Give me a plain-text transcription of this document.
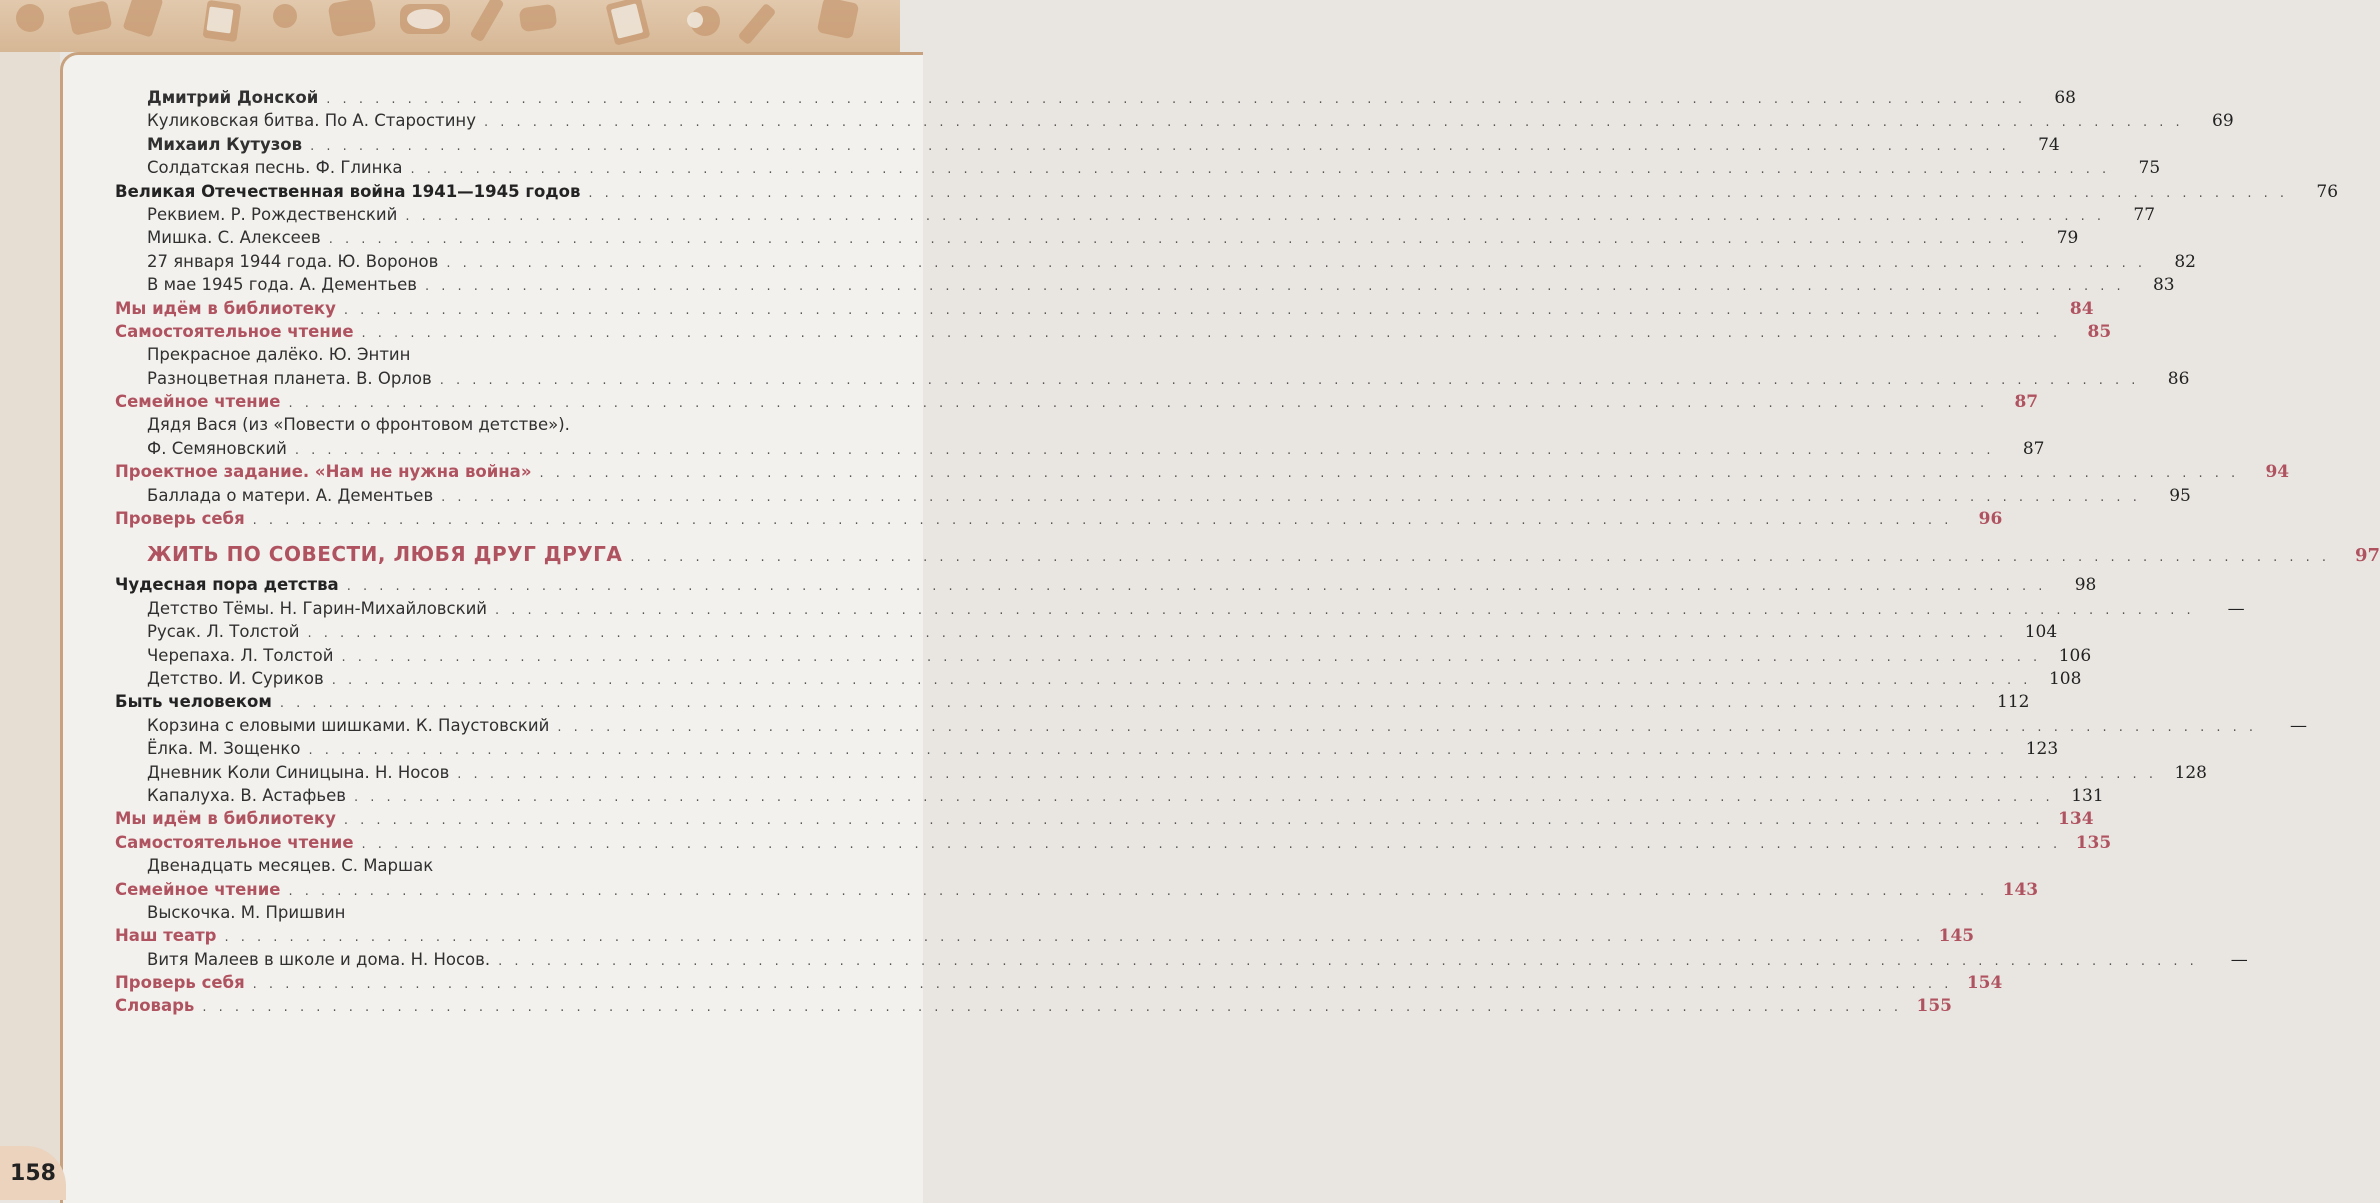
Дмитрий Донской . . .	68
Куликовская битва. По А. Старостину . . .	69
Михаил Кутузов . . .	74
Солдатская песнь. Ф. Глинка . . .	75
Великая Отечественная война 1941—1945 годов . . .	76
Реквием. Р. Рождественский . . .	77
Мишка. С. Алексеев . . .	79
27 января 1944 года. Ю. Воронов . . .	82
В мае 1945 года. А. Дементьев . . .	83
Мы идём в библиотеку . . .	84
Самостоятельное чтение . . .	85
Прекрасное далёко. Ю. Энтин
Разноцветная планета. В. Орлов . . .	86
Семейное чтение . . .	87
Дядя Вася (из «Повести о фронтовом детстве»).
Ф. Семяновский . . .	87
Проектное задание. «Нам не нужна война» . . .	94
Баллада о матери. А. Дементьев . . .	95
Проверь себя . . .	96
ЖИТЬ ПО СОВЕСТИ, ЛЮБЯ ДРУГ ДРУГА . . .	97
Чудесная пора детства . . .	98
Детство Тёмы. Н. Гарин-Михайловский . . .	—
Русак. Л. Толстой . . .	104
Черепаха. Л. Толстой . . .	106
Детство. И. Суриков . . .	108
Быть человеком . . .	112
Корзина с еловыми шишками. К. Паустовский . . .	—
Ёлка. М. Зощенко . . .	123
Дневник Коли Синицына. Н. Носов . . .	128
Капалуха. В. Астафьев . . .	131
Мы идём в библиотеку . . .	134
Самостоятельное чтение . . .	135
Двенадцать месяцев. С. Маршак
Семейное чтение . . .	143
Выскочка. М. Пришвин
Наш театр . . .	145
Витя Малеев в школе и дома. Н. Носов. . . .	—
Проверь себя . . .	154
Словарь . . .	155
158
